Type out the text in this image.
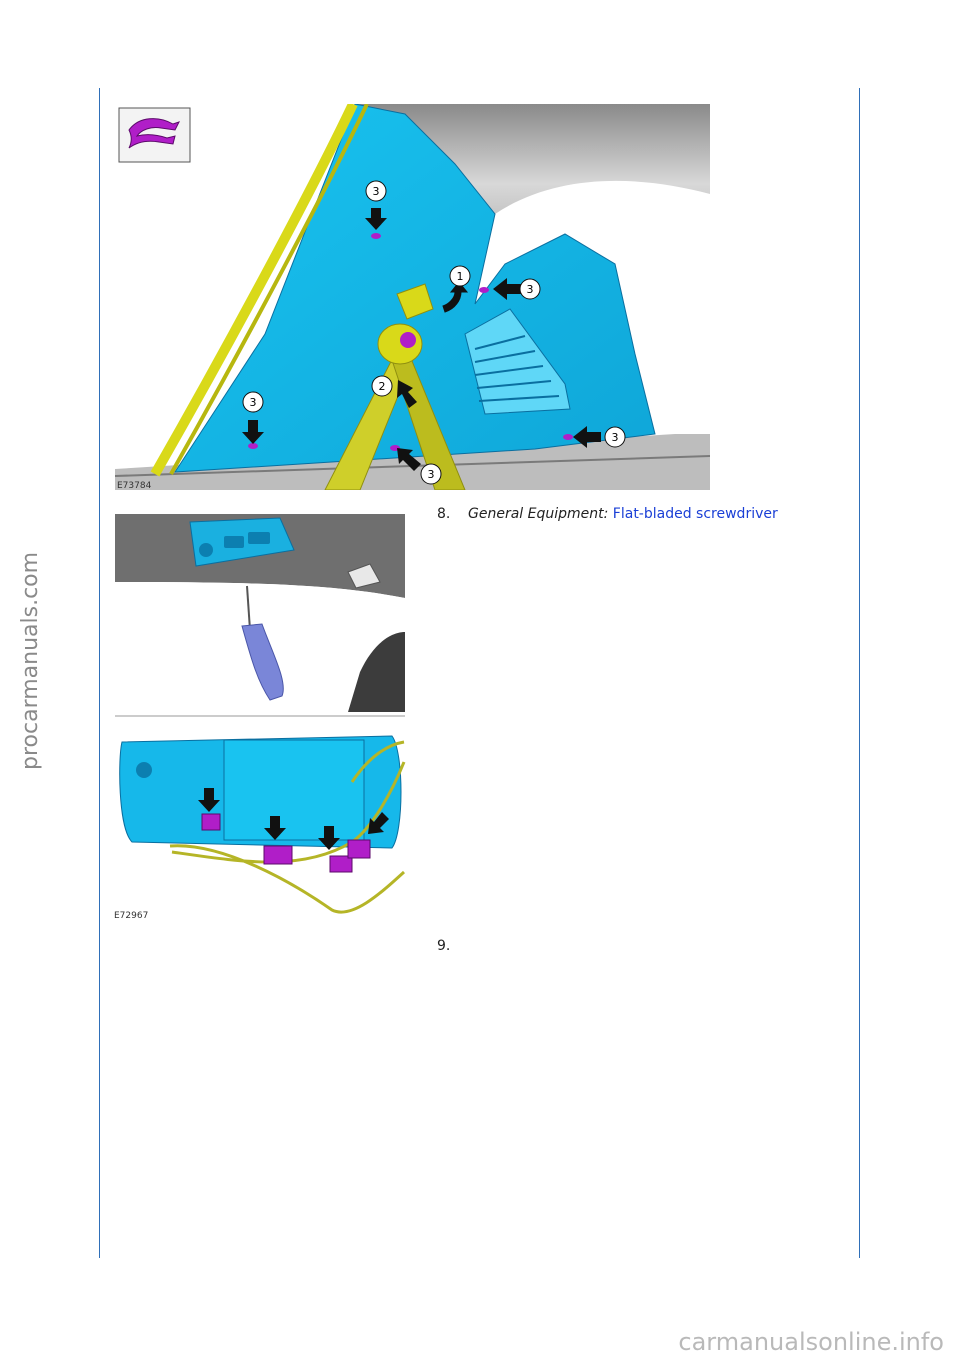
3
1
3
2
3
3
3
E73784
E72967
8. General Equipment: Flat-bladed screwdriver
9.
procarmanuals.com
carmanualsonline.info
